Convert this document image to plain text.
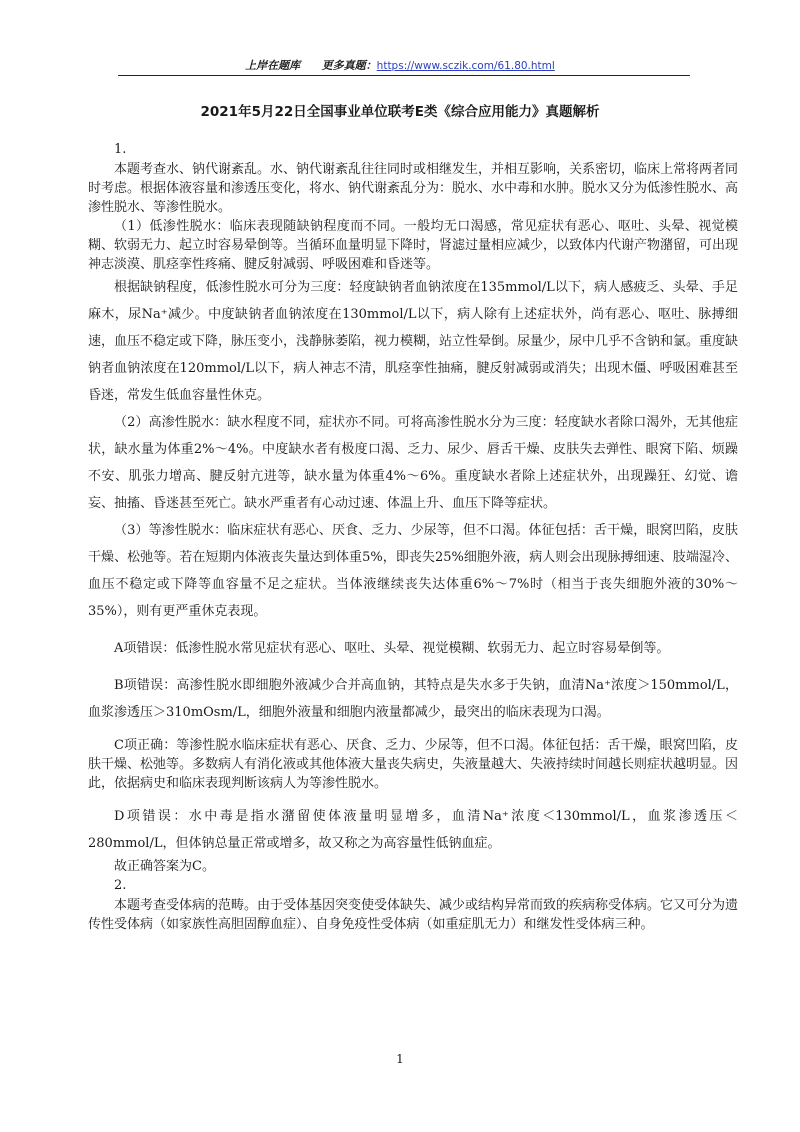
上岸在题库 更多真题：https://www.sczik.com/61.80.html
2021年5月22日全国事业单位联考E类《综合应用能力》真题解析

1.

本题考查水、钠代谢紊乱。水、钠代谢紊乱往往同时或相继发生，并相互影响，关系密切，临床上常将两者同时考虑。根据体液容量和渗透压变化，将水、钠代谢紊乱分为：脱水、水中毒和水肿。脱水又分为低渗性脱水、高渗性脱水、等渗性脱水。

（1）低渗性脱水：临床表现随缺钠程度而不同。一般均无口渴感，常见症状有恶心、呕吐、头晕、视觉模糊、软弱无力、起立时容易晕倒等。当循环血量明显下降时，肾滤过量相应减少，以致体内代谢产物潴留，可出现神志淡漠、肌痉挛性疼痛、腱反射减弱、呼吸困难和昏迷等。

根据缺钠程度，低渗性脱水可分为三度：轻度缺钠者血钠浓度在135mmol/L以下，病人感疲乏、头晕、手足麻木，尿Na⁺减少。中度缺钠者血钠浓度在130mmol/L以下，病人除有上述症状外，尚有恶心、呕吐、脉搏细速，血压不稳定或下降，脉压变小，浅静脉萎陷，视力模糊，站立性晕倒。尿量少，尿中几乎不含钠和氯。重度缺钠者血钠浓度在120mmol/L以下，病人神志不清，肌痉挛性抽痛，腱反射减弱或消失；出现木僵、呼吸困难甚至昏迷，常发生低血容量性休克。

（2）高渗性脱水：缺水程度不同，症状亦不同。可将高渗性脱水分为三度：轻度缺水者除口渴外，无其他症状，缺水量为体重2%～4%。中度缺水者有极度口渴、乏力、尿少、唇舌干燥、皮肤失去弹性、眼窝下陷、烦躁不安、肌张力增高、腱反射亢进等，缺水量为体重4%～6%。重度缺水者除上述症状外，出现躁狂、幻觉、谵妄、抽搐、昏迷甚至死亡。缺水严重者有心动过速、体温上升、血压下降等症状。

（3）等渗性脱水：临床症状有恶心、厌食、乏力、少尿等，但不口渴。体征包括：舌干燥，眼窝凹陷，皮肤干燥、松弛等。若在短期内体液丧失量达到体重5%，即丧失25%细胞外液，病人则会出现脉搏细速、肢端湿冷、血压不稳定或下降等血容量不足之症状。当体液继续丧失达体重6%～7%时（相当于丧失细胞外液的30%～35%），则有更严重休克表现。

A项错误：低渗性脱水常见症状有恶心、呕吐、头晕、视觉模糊、软弱无力、起立时容易晕倒等。

B项错误：高渗性脱水即细胞外液减少合并高血钠，其特点是失水多于失钠，血清Na⁺浓度＞150mmol/L，血浆渗透压＞310mOsm/L，细胞外液量和细胞内液量都减少，最突出的临床表现为口渴。

C项正确：等渗性脱水临床症状有恶心、厌食、乏力、少尿等，但不口渴。体征包括：舌干燥，眼窝凹陷，皮肤干燥、松弛等。多数病人有消化液或其他体液大量丧失病史，失液量越大、失液持续时间越长则症状越明显。因此，依据病史和临床表现判断该病人为等渗性脱水。

D项错误：水中毒是指水潴留使体液量明显增多，血清Na⁺浓度＜130mmol/L，血浆渗透压＜280mmol/L，但体钠总量正常或增多，故又称之为高容量性低钠血症。

故正确答案为C。

2.

本题考查受体病的范畴。由于受体基因突变使受体缺失、减少或结构异常而致的疾病称受体病。它又可分为遗传性受体病（如家族性高胆固醇血症）、自身免疫性受体病（如重症肌无力）和继发性受体病三种。

1
